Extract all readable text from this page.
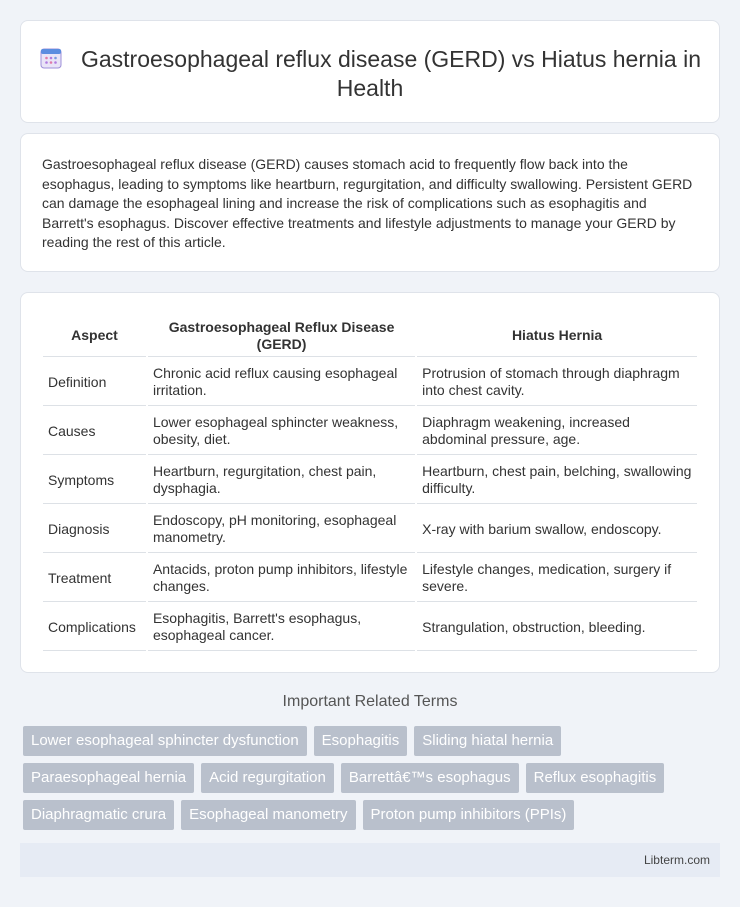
Gastroesophageal reflux disease (GERD) vs Hiatus hernia in Health

Gastroesophageal reflux disease (GERD) causes stomach acid to frequently flow back into the esophagus, leading to symptoms like heartburn, regurgitation, and difficulty swallowing. Persistent GERD can damage the esophageal lining and increase the risk of complications such as esophagitis and Barrett's esophagus. Discover effective treatments and lifestyle adjustments to manage your GERD by reading the rest of this article.

Aspect	Gastroesophageal Reflux Disease (GERD)	Hiatus Hernia
Definition	Chronic acid reflux causing esophageal irritation.	Protrusion of stomach through diaphragm into chest cavity.
Causes	Lower esophageal sphincter weakness, obesity, diet.	Diaphragm weakening, increased abdominal pressure, age.
Symptoms	Heartburn, regurgitation, chest pain, dysphagia.	Heartburn, chest pain, belching, swallowing difficulty.
Diagnosis	Endoscopy, pH monitoring, esophageal manometry.	X-ray with barium swallow, endoscopy.
Treatment	Antacids, proton pump inhibitors, lifestyle changes.	Lifestyle changes, medication, surgery if severe.
Complications	Esophagitis, Barrett's esophagus, esophageal cancer.	Strangulation, obstruction, bleeding.
Important Related Terms
Lower esophageal sphincter dysfunction	Esophagitis	Sliding hiatal hernia
Paraesophageal hernia	Acid regurgitation	Barrettâ€™s esophagus	Reflux esophagitis
Diaphragmatic crura	Esophageal manometry	Proton pump inhibitors (PPIs)
Libterm.com
